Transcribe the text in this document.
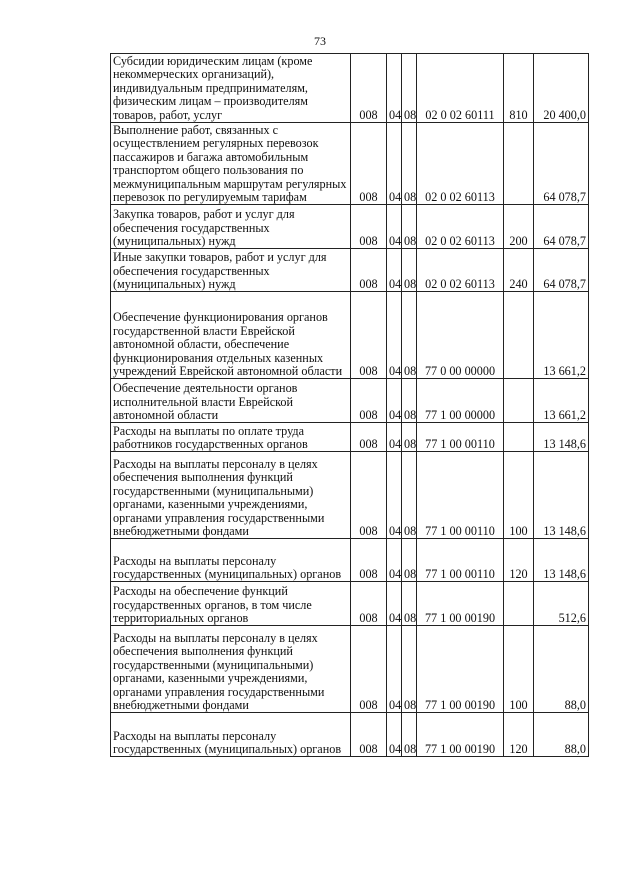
73
Субсидии юридическим лицам (кроме некоммерческих организаций), индивидуальным предпринимателям, физическим лицам – производителям товаров, работ, услуг	008	04	08	02 0 02 60111	810	20 400,0
Выполнение работ, связанных с осуществлением регулярных перевозок пассажиров и багажа автомобильным транспортом общего пользования по межмуниципальным маршрутам регулярных перевозок по регулируемым тарифам	008	04	08	02 0 02 60113		64 078,7
Закупка товаров, работ и услуг для обеспечения государственных (муниципальных) нужд	008	04	08	02 0 02 60113	200	64 078,7
Иные закупки товаров, работ и услуг для обеспечения государственных (муниципальных) нужд	008	04	08	02 0 02 60113	240	64 078,7
Обеспечение функционирования органов государственной власти Еврейской автономной области, обеспечение функционирования отдельных казенных учреждений Еврейской автономной области	008	04	08	77 0 00 00000		13 661,2
Обеспечение деятельности органов исполнительной власти Еврейской автономной области	008	04	08	77 1 00 00000		13 661,2
Расходы на выплаты по оплате труда работников государственных органов	008	04	08	77 1 00 00110		13 148,6
Расходы на выплаты персоналу в целях обеспечения выполнения функций государственными (муниципальными) органами, казенными учреждениями, органами управления государственными внебюджетными фондами	008	04	08	77 1 00 00110	100	13 148,6
Расходы на выплаты персоналу государственных (муниципальных) органов	008	04	08	77 1 00 00110	120	13 148,6
Расходы на обеспечение функций государственных органов, в том числе территориальных органов	008	04	08	77 1 00 00190		512,6
Расходы на выплаты персоналу в целях обеспечения выполнения функций государственными (муниципальными) органами, казенными учреждениями, органами управления государственными внебюджетными фондами	008	04	08	77 1 00 00190	100	88,0
Расходы на выплаты персоналу государственных (муниципальных) органов	008	04	08	77 1 00 00190	120	88,0
